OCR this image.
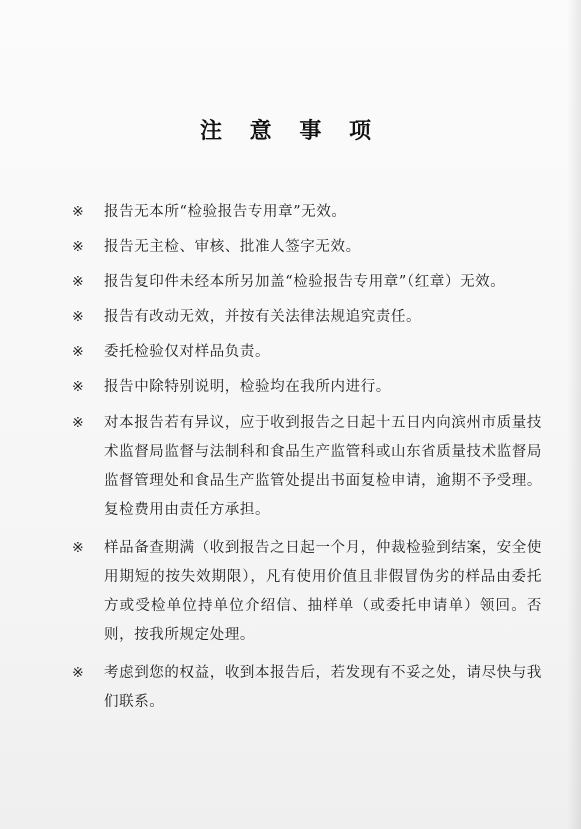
注 意 事 项
※ 报告无本所“检验报告专用章”无效。
※ 报告无主检、审核、批准人签字无效。
※ 报告复印件未经本所另加盖“检验报告专用章”（红章）无效。
※ 报告有改动无效，并按有关法律法规追究责任。
※ 委托检验仅对样品负责。
※ 报告中除特别说明，检验均在我所内进行。
※ 对本报告若有异议，应于收到报告之日起十五日内向滨州市质量技术监督局监督与法制科和食品生产监管科或山东省质量技术监督局监督管理处和食品生产监管处提出书面复检申请，逾期不予受理。复检费用由责任方承担。
※ 样品备查期满（收到报告之日起一个月，仲裁检验到结案，安全使用期短的按失效期限），凡有使用价值且非假冒伪劣的样品由委托方或受检单位持单位介绍信、抽样单（或委托申请单）领回。否则，按我所规定处理。
※ 考虑到您的权益，收到本报告后，若发现有不妥之处，请尽快与我们联系。
